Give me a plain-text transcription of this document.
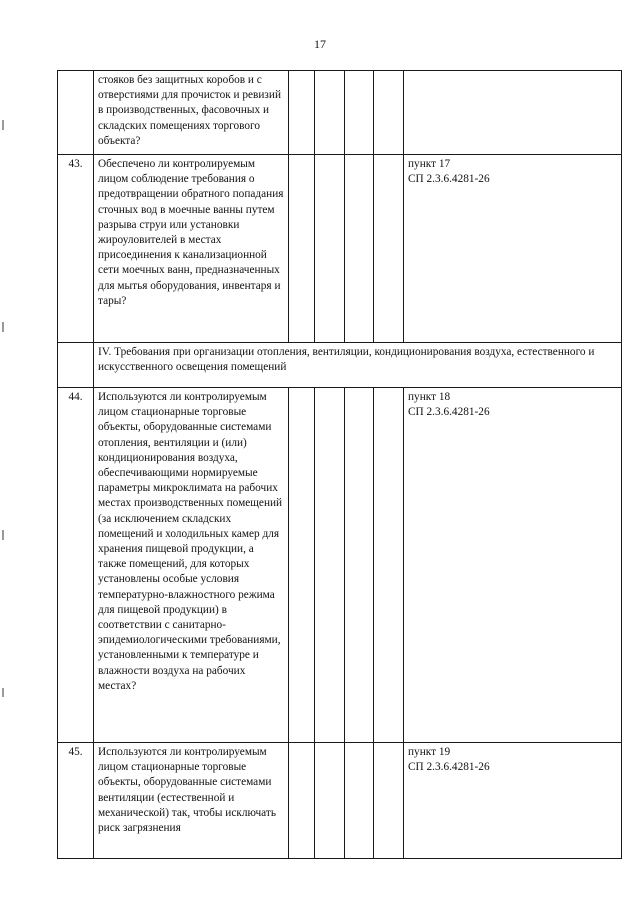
17
	стояков без защитных коробов и с отверстиями для прочисток и ревизий в производственных, фасовочных и складских помещениях торгового объекта?					
43.	Обеспечено ли контролируемым лицом соблюдение требования о предотвращении обратного попадания сточных вод в моечные ванны путем разрыва струи или установки жироуловителей в местах присоединения к канализационной сети моечных ванн, предназначенных для мытья оборудования, инвентаря и тары?					пункт 17
СП 2.3.6.4281-26
	IV. Требования при организации отопления, вентиляции, кондиционирования воздуха, естественного и искусственного освещения помещений					
44.	Используются ли контролируемым лицом стационарные торговые объекты, оборудованные системами отопления, вентиляции и (или) кондиционирования воздуха, обеспечивающими нормируемые параметры микроклимата на рабочих местах производственных помещений (за исключением складских помещений и холодильных камер для хранения пищевой продукции, а также помещений, для которых установлены особые условия температурно-влажностного режима для пищевой продукции) в соответствии с санитарно-эпидемиологическими требованиями, установленными к температуре и влажности воздуха на рабочих местах?					пункт 18
СП 2.3.6.4281-26
45.	Используются ли контролируемым лицом стационарные торговые объекты, оборудованные системами вентиляции (естественной и механической) так, чтобы исключать риск загрязнения					пункт 19
СП 2.3.6.4281-26
